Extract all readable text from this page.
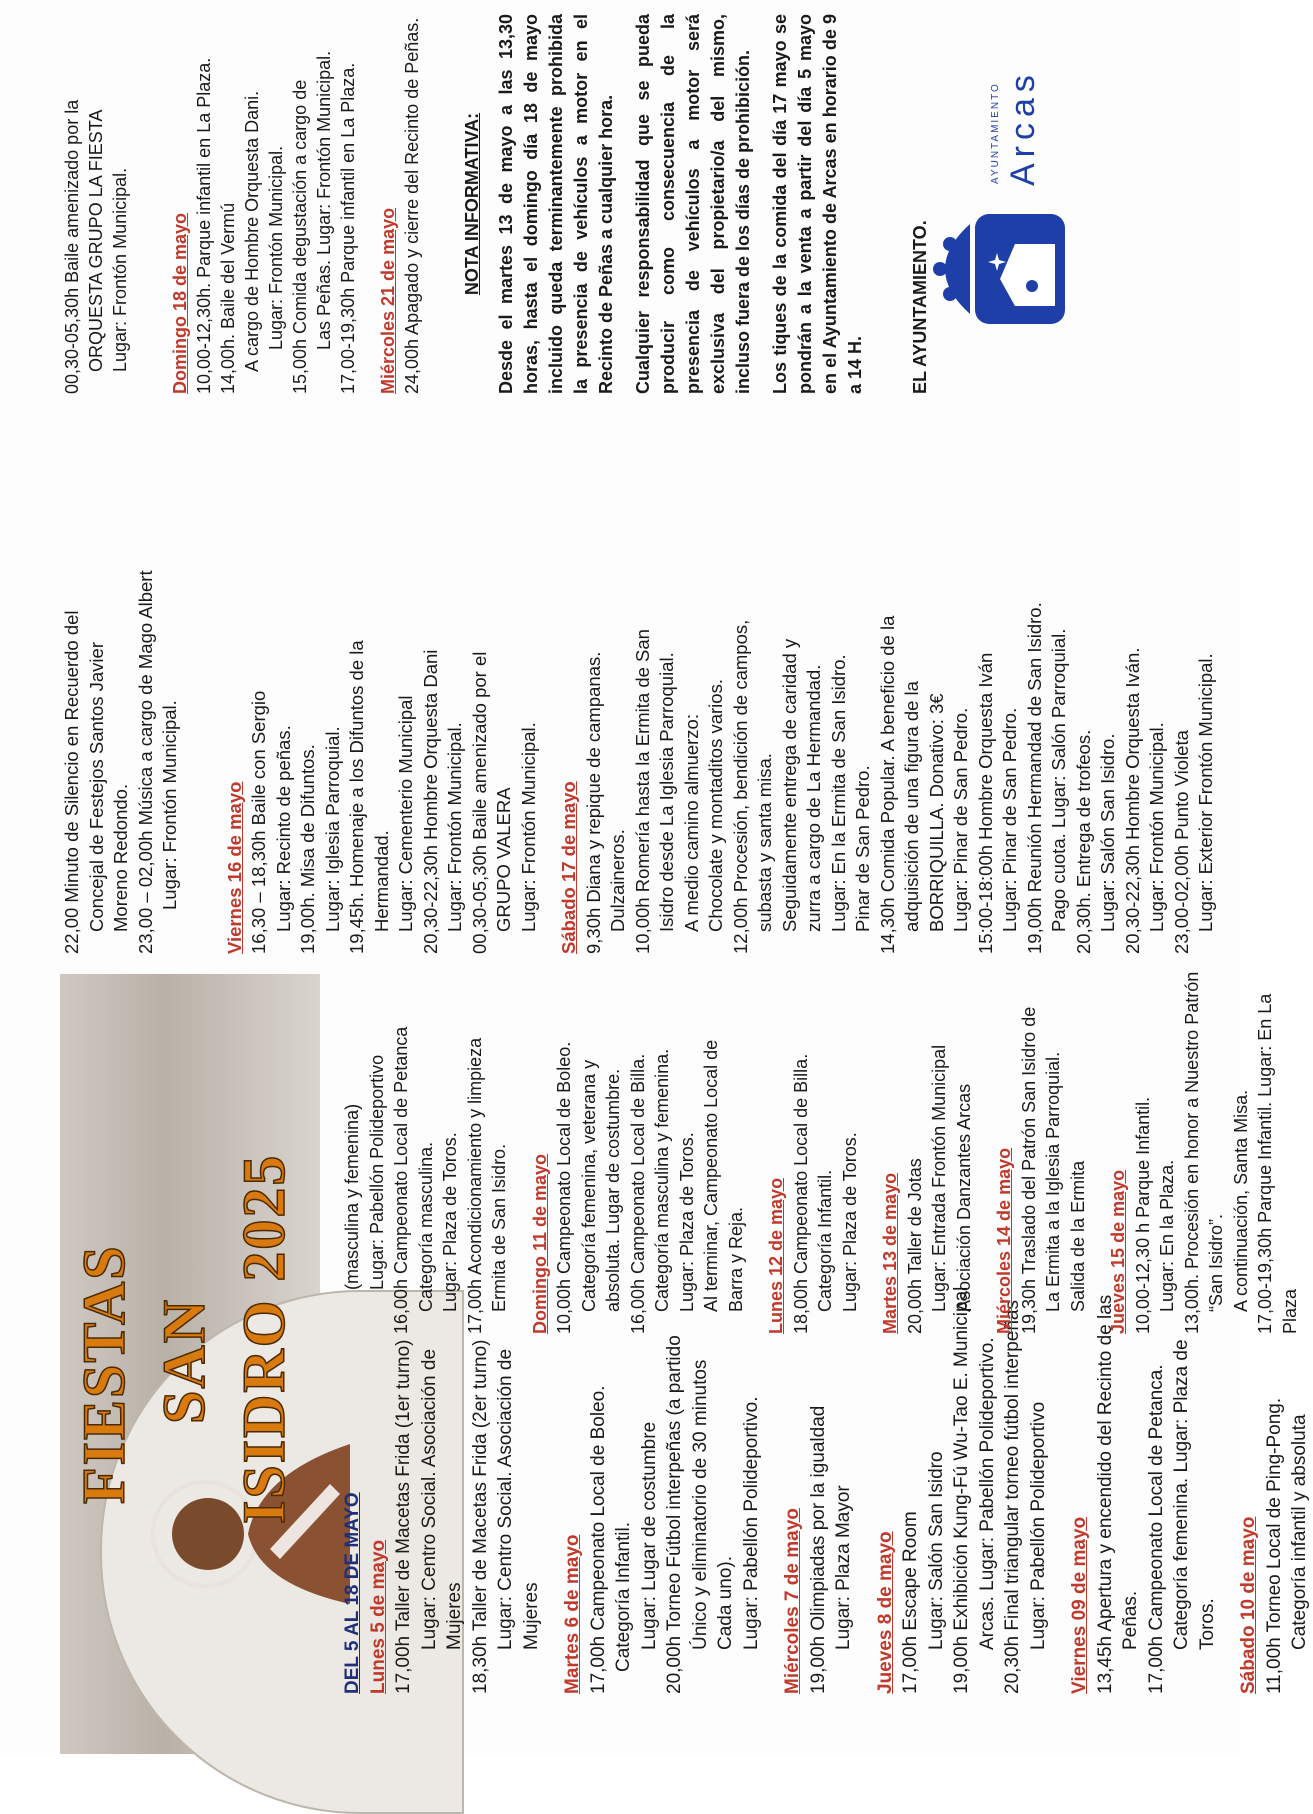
FIESTAS SAN ISIDRO 2025
DEL 5 AL 18 DE MAYO Lunes 5 de mayo 17,00h Taller de Macetas Frida (1er turno) Lugar: Centro Social. Asociación de Mujeres 18,30h Taller de Macetas Frida (2er turno) Lugar: Centro Social. Asociación de Mujeres Martes 6 de mayo 17,00h Campeonato Local de Boleo. Categoría Infantil. Lugar: Lugar de costumbre 20,00h Torneo Fútbol interpeñas (a partido Único y eliminatorio de 30 minutos Cada uno). Lugar: Pabellón Polideportivo. Miércoles 7 de mayo 19,00h Olimpiadas por la igualdad Lugar: Plaza Mayor Jueves 8 de mayo 17,00h Escape Room Lugar: Salón San Isidro 19,00h Exhibición Kung-Fú Wu-Tao E. Municipal Arcas. Lugar: Pabellón Polideportivo. 20,30h Final triangular torneo fútbol interpeñas Lugar: Pabellón Polideportivo Viernes 09 de mayo 13,45h Apertura y encendido del Recinto de las Peñas. 17,00h Campeonato Local de Petanca. Categoría femenina. Lugar: Plaza de Toros. Sábado 10 de mayo 11,00h Torneo Local de Ping-Pong. Categoría infantil y absoluta
(masculina y femenina) Lugar: Pabellón Polideportivo 16,00h Campeonato Local de Petanca Categoría masculina. Lugar: Plaza de Toros. 17,00h Acondicionamiento y limpieza Ermita de San Isidro. Domingo 11 de mayo 10,00h Campeonato Local de Boleo. Categoría femenina, veterana y absoluta. Lugar de costumbre. 16,00h Campeonato Local de Billa. Categoría masculina y femenina. Lugar: Plaza de Toros. Al terminar, Campeonato Local de Barra y Reja. Lunes 12 de mayo 18,00h Campeonato Local de Billa. Categoría Infantil. Lugar: Plaza de Toros. Martes 13 de mayo 20,00h Taller de Jotas Lugar: Entrada Frontón Municipal Asociación Danzantes Arcas Miércoles 14 de mayo 19,30h Traslado del Patrón San Isidro de La Ermita a la Iglesia Parroquial. Salida de la Ermita Jueves 15 de mayo 10,00-12,30 h Parque Infantil. Lugar: En la Plaza. 13,00h. Procesión en honor a Nuestro Patrón “San Isidro”. A continuación, Santa Misa. 17,00-19,30h Parque Infantil. Lugar: En La Plaza
22,00 Minuto de Silencio en Recuerdo del Concejal de Festejos Santos Javier Moreno Redondo. 23,00 – 02,00h Música a cargo de Mago Albert Lugar: Frontón Municipal. Viernes 16 de mayo 16,30 – 18,30h Baile con Sergio Lugar: Recinto de peñas. 19,00h. Misa de Difuntos. Lugar: Iglesia Parroquial. 19,45h. Homenaje a los Difuntos de la Hermandad. Lugar: Cementerio Municipal 20,30-22,30h Hombre Orquesta Dani Lugar: Frontón Municipal. 00,30-05,30h Baile amenizado por el GRUPO VALERA Lugar: Frontón Municipal. Sábado 17 de mayo 9,30h Diana y repique de campanas. Dulzaineros. 10,00h Romería hasta la Ermita de San Isidro desde La Iglesia Parroquial. A medio camino almuerzo: Chocolate y montaditos varios. 12,00h Procesión, bendición de campos, subasta y santa misa. Seguidamente entrega de caridad y zurra a cargo de La Hermandad. Lugar: En la Ermita de San Isidro. Pinar de San Pedro. 14,30h Comida Popular. A beneficio de la adquisición de una figura de la BORRIQUILLA. Donativo: 3€ Lugar: Pinar de San Pedro. 15:00-18:00h Hombre Orquesta Iván Lugar: Pinar de San Pedro. 19,00h Reunión Hermandad de San Isidro. Pago cuota. Lugar: Salón Parroquial. 20,30h. Entrega de trofeos. Lugar: Salón San Isidro. 20,30-22,30h Hombre Orquesta Iván. Lugar: Frontón Municipal. 23,00-02,00h Punto Violeta Lugar: Exterior Frontón Municipal.
00,30-05,30h Baile amenizado por la ORQUESTA GRUPO LA FIESTA Lugar: Frontón Municipal. Domingo 18 de mayo 10,00-12,30h. Parque infantil en La Plaza. 14,00h. Baile del Vermú A cargo de Hombre Orquesta Dani. Lugar: Frontón Municipal. 15,00h Comida degustación a cargo de Las Peñas. Lugar: Frontón Municipal. 17,00-19,30h Parque infantil en La Plaza. Miércoles 21 de mayo 24,00h Apagado y cierre del Recinto de Peñas. NOTA INFORMATIVA: Desde el martes 13 de mayo a las 13,30 horas, hasta el domingo día 18 de mayo incluido queda terminantemente prohibida la presencia de vehículos a motor en el Recinto de Peñas a cualquier hora. Cualquier responsabilidad que se pueda producir como consecuencia de la presencia de vehículos a motor será exclusiva del propietario/a del mismo, incluso fuera de los días de prohibición. Los tiques de la comida del día 17 mayo se pondrán a la venta a partir del día 5 mayo en el Ayuntamiento de Arcas en horario de 9 a 14 H.	EL AYUNTAMIENTO.
AYUNTAMIENTO Arcas
